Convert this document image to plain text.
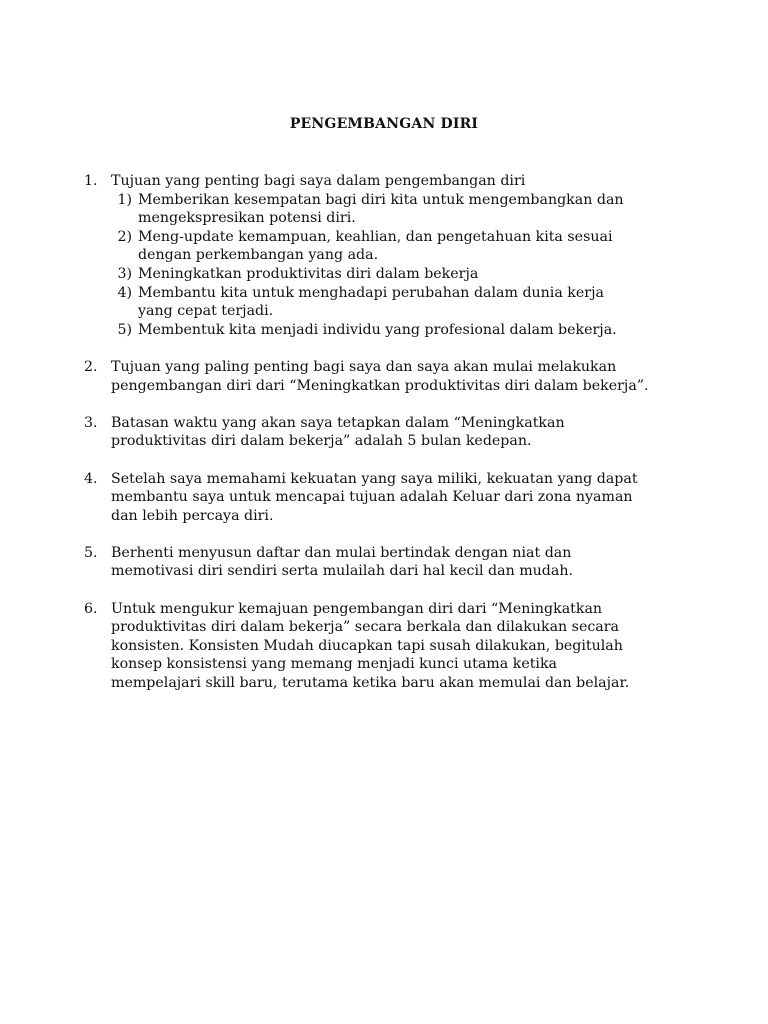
PENGEMBANGAN DIRI
1. Tujuan yang penting bagi saya dalam pengembangan diri
1) Memberikan kesempatan bagi diri kita untuk mengembangkan dan
mengekspresikan potensi diri.
2) Meng-update kemampuan, keahlian, dan pengetahuan kita sesuai
dengan perkembangan yang ada.
3) Meningkatkan produktivitas diri dalam bekerja
4) Membantu kita untuk menghadapi perubahan dalam dunia kerja
yang cepat terjadi.
5) Membentuk kita menjadi individu yang profesional dalam bekerja.
2. Tujuan yang paling penting bagi saya dan saya akan mulai melakukan
pengembangan diri dari “Meningkatkan produktivitas diri dalam bekerja”.
3. Batasan waktu yang akan saya tetapkan dalam “Meningkatkan
produktivitas diri dalam bekerja” adalah 5 bulan kedepan.
4. Setelah saya memahami kekuatan yang saya miliki, kekuatan yang dapat
membantu saya untuk mencapai tujuan adalah Keluar dari zona nyaman
dan lebih percaya diri.
5. Berhenti menyusun daftar dan mulai bertindak dengan niat dan
memotivasi diri sendiri serta mulailah dari hal kecil dan mudah.
6. Untuk mengukur kemajuan pengembangan diri dari “Meningkatkan
produktivitas diri dalam bekerja” secara berkala dan dilakukan secara
konsisten. Konsisten Mudah diucapkan tapi susah dilakukan, begitulah
konsep konsistensi yang memang menjadi kunci utama ketika
mempelajari skill baru, terutama ketika baru akan memulai dan belajar.
